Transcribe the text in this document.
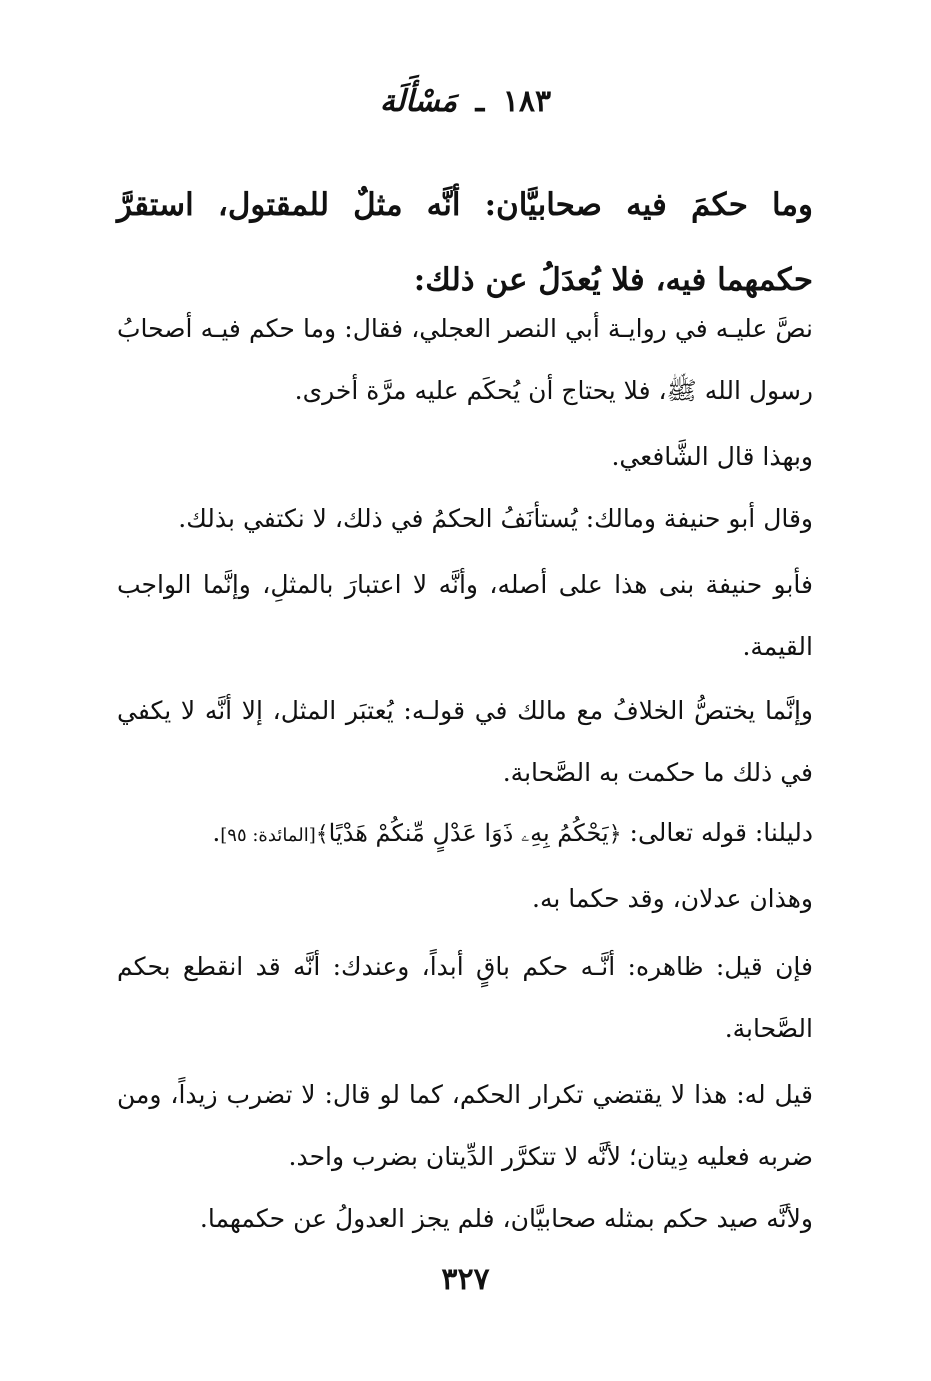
١٨٣ ـ مَسْأَلَة
وما حكمَ فيه صحابيَّان: أنَّه مثلٌ للمقتول، استقرَّ حكمهما فيه، فلا يُعدَلُ عن ذلك:
نصَّ عليـه في روايـة أبي النصر العجلي، فقال: وما حكم فيـه أصحابُ رسول الله ﷺ، فلا يحتاج أن يُحكَم عليه مرَّة أخرى.
وبهذا قال الشَّافعي.
وقال أبو حنيفة ومالك: يُستأنَفُ الحكمُ في ذلك، لا نكتفي بذلك.
فأبو حنيفة بنى هذا على أصله، وأنَّه لا اعتبارَ بالمثلِ، وإنَّما الواجب القيمة.
وإنَّما يختصُّ الخلافُ مع مالك في قولـه: يُعتبَر المثل، إلا أنَّه لا يكفي في ذلك ما حكمت به الصَّحابة.
دليلنا: قوله تعالى: ﴿يَحْكُمُ بِهِۦ ذَوَا عَدْلٍ مِّنكُمْ هَدْيًا﴾[المائدة: ٩٥].
وهذان عدلان، وقد حكما به.
فإن قيل: ظاهره: أنَّـه حكم باقٍ أبداً، وعندك: أنَّه قد انقطع بحكم الصَّحابة.
قيل له: هذا لا يقتضي تكرار الحكم، كما لو قال: لا تضرب زيداً، ومن ضربه فعليه دِيتان؛ لأنَّه لا تتكرَّر الدِّيتان بضرب واحد.
ولأنَّه صيد حكم بمثله صحابيَّان، فلم يجز العدولُ عن حكمهما.
٣٢٧
